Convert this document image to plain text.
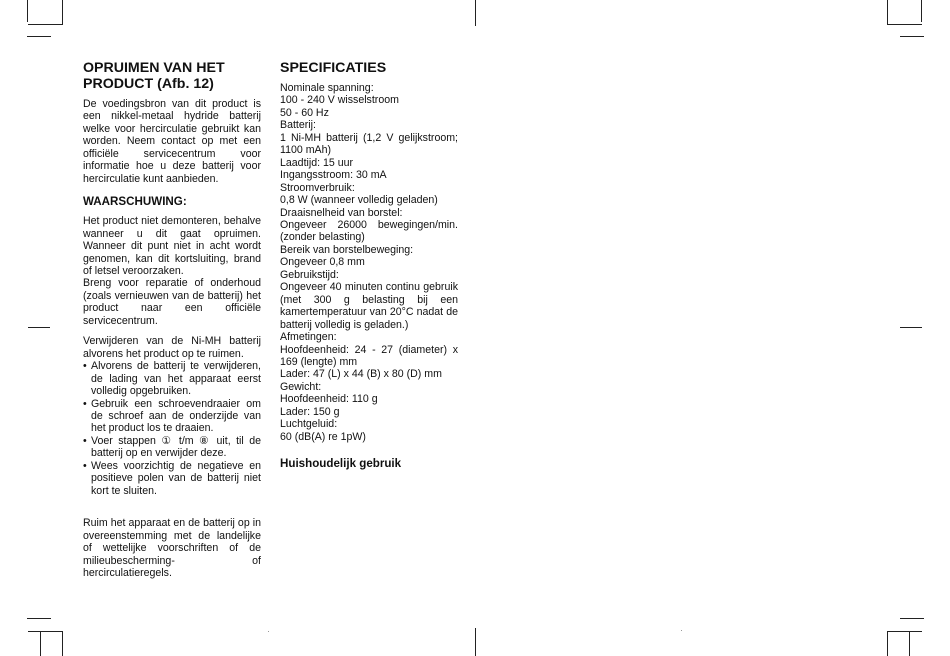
OPRUIMEN VAN HET PRODUCT (Afb. 12)

De voedingsbron van dit product is een nikkel-metaal hydride batterij welke voor hercirculatie gebruikt kan worden. Neem contact op met een officiële servicecentrum voor informatie hoe u deze batterij voor hercirculatie kunt aanbieden.

WAARSCHUWING:

Het product niet demonteren, behalve wanneer u dit gaat opruimen. Wanneer dit punt niet in acht wordt genomen, kan dit kortsluiting, brand of letsel veroorzaken.

Breng voor reparatie of onderhoud (zoals vernieuwen van de batterij) het product naar een officiële servicecentrum.

Verwijderen van de Ni-MH batterij alvorens het product op te ruimen.

• Alvorens de batterij te verwijderen, de lading van het apparaat eerst volledig opgebruiken.
• Gebruik een schroevendraaier om de schroef aan de onderzijde van het product los te draaien.
• Voer stappen ① t/m ⑧ uit, til de batterij op en verwijder deze.
• Wees voorzichtig de negatieve en positieve polen van de batterij niet kort te sluiten.

Ruim het apparaat en de batterij op in overeenstemming met de landelijke of wettelijke voorschriften of de milieubescherming- of hercirculatieregels.

SPECIFICATIES

Nominale spanning:

100 - 240 V wisselstroom

50 - 60 Hz

Batterij:

1 Ni-MH batterij (1,2 V gelijkstroom; 1100 mAh)

Laadtijd: 15 uur

Ingangsstroom: 30 mA

Stroomverbruik:

0,8 W (wanneer volledig geladen)

Draaisnelheid van borstel:

Ongeveer 26000 bewegingen/min. (zonder belasting)

Bereik van borstelbeweging:

Ongeveer 0,8 mm

Gebruikstijd:

Ongeveer 40 minuten continu gebruik (met 300 g belasting bij een kamertemperatuur van 20°C nadat de batterij volledig is geladen.)

Afmetingen:

Hoofdeenheid: 24 - 27 (diameter) x 169 (lengte) mm

Lader: 47 (L) x 44 (B) x 80 (D) mm

Gewicht:

Hoofdeenheid: 110 g

Lader: 150 g

Luchtgeluid:

60 (dB(A) re 1pW)

Huishoudelijk gebruik
